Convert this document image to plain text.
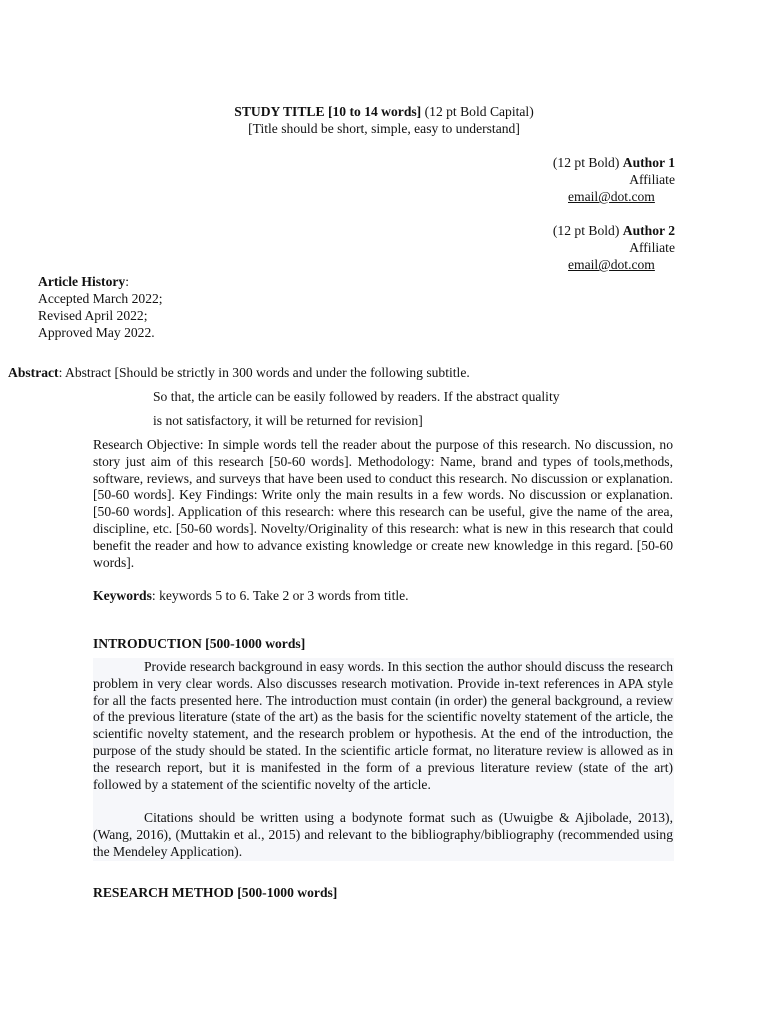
STUDY TITLE [10 to 14 words] (12 pt Bold Capital)
[Title should be short, simple, easy to understand]
(12 pt Bold) Author 1
Affiliate
email@dot.com
(12 pt Bold) Author 2
Affiliate
email@dot.com
Article History:
Accepted March 2022;
Revised April 2022;
Approved May 2022.
Abstract: Abstract [Should be strictly in 300 words and under the following subtitle.
So that, the article can be easily followed by readers. If the abstract quality
is not satisfactory, it will be returned for revision]
Research Objective: In simple words tell the reader about the purpose of this research. No discussion, no story just aim of this research [50-60 words]. Methodology: Name, brand and types of tools,methods, software, reviews, and surveys that have been used to conduct this research. No discussion or explanation. [50-60 words]. Key Findings: Write only the main results in a few words. No discussion or explanation. [50-60 words]. Application of this research: where this research can be useful, give the name of the area, discipline, etc. [50-60 words]. Novelty/Originality of this research: what is new in this research that could benefit the reader and how to advance existing knowledge or create new knowledge in this regard. [50-60 words].
Keywords: keywords 5 to 6. Take 2 or 3 words from title.
INTRODUCTION [500-1000 words]
Provide research background in easy words. In this section the author should discuss the research problem in very clear words. Also discusses research motivation. Provide in-text references in APA style for all the facts presented here. The introduction must contain (in order) the general background, a review of the previous literature (state of the art) as the basis for the scientific novelty statement of the article, the scientific novelty statement, and the research problem or hypothesis. At the end of the introduction, the purpose of the study should be stated. In the scientific article format, no literature review is allowed as in the research report, but it is manifested in the form of a previous literature review (state of the art) followed by a statement of the scientific novelty of the article.
Citations should be written using a bodynote format such as (Uwuigbe & Ajibolade, 2013), (Wang, 2016), (Muttakin et al., 2015) and relevant to the bibliography/bibliography (recommended using the Mendeley Application).
RESEARCH METHOD [500-1000 words]
